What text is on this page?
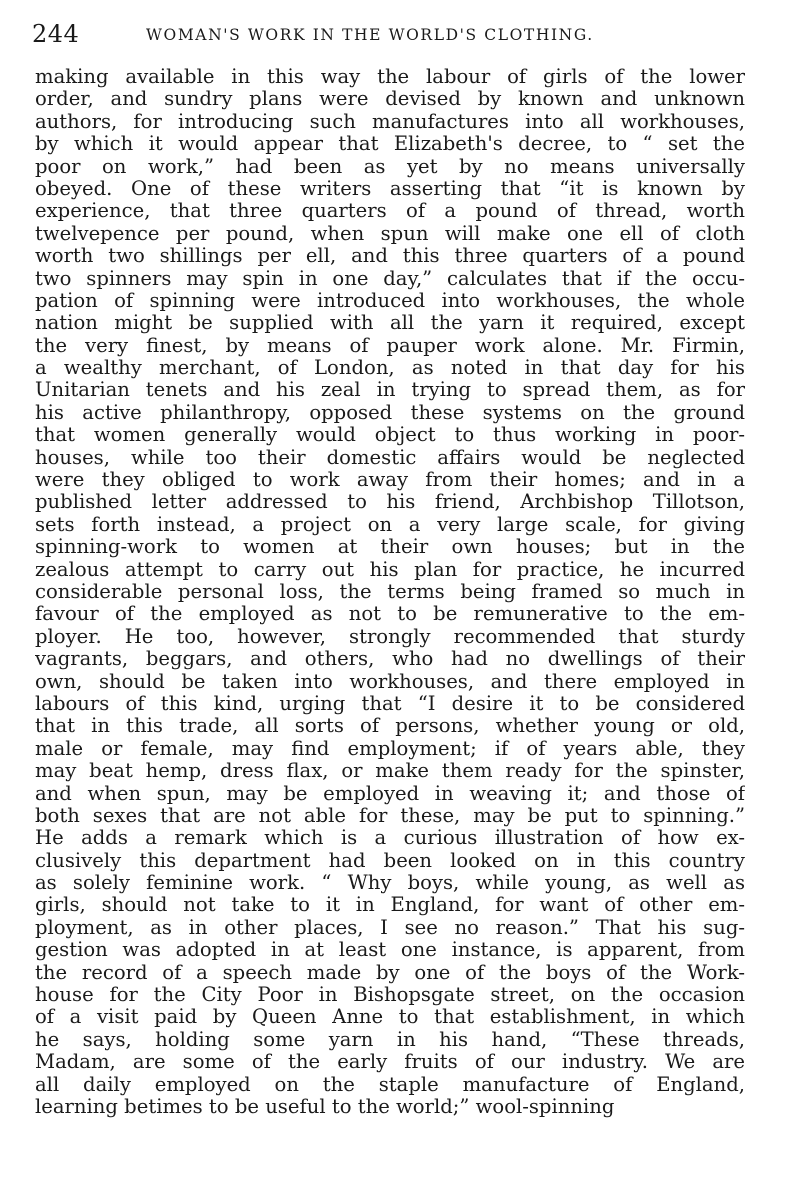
244	WOMAN'S WORK IN THE WORLD'S CLOTHING.
making available in this way the labour of girls of the lower
order, and sundry plans were devised by known and unknown
authors, for introducing such manufactures into all workhouses,
by which it would appear that Elizabeth's decree, to “ set the
poor on work,” had been as yet by no means universally
obeyed. One of these writers asserting that “it is known by
experience, that three quarters of a pound of thread, worth
twelvepence per pound, when spun will make one ell of cloth
worth two shillings per ell, and this three quarters of a pound
two spinners may spin in one day,” calculates that if the occu-
pation of spinning were introduced into workhouses, the whole
nation might be supplied with all the yarn it required, except
the very finest, by means of pauper work alone. Mr. Firmin,
a wealthy merchant, of London, as noted in that day for his
Unitarian tenets and his zeal in trying to spread them, as for
his active philanthropy, opposed these systems on the ground
that women generally would object to thus working in poor-
houses, while too their domestic affairs would be neglected
were they obliged to work away from their homes; and in a
published letter addressed to his friend, Archbishop Tillotson,
sets forth instead, a project on a very large scale, for giving
spinning-work to women at their own houses; but in the
zealous attempt to carry out his plan for practice, he incurred
considerable personal loss, the terms being framed so much in
favour of the employed as not to be remunerative to the em-
ployer. He too, however, strongly recommended that sturdy
vagrants, beggars, and others, who had no dwellings of their
own, should be taken into workhouses, and there employed in
labours of this kind, urging that “I desire it to be considered
that in this trade, all sorts of persons, whether young or old,
male or female, may find employment; if of years able, they
may beat hemp, dress flax, or make them ready for the spinster,
and when spun, may be employed in weaving it; and those of
both sexes that are not able for these, may be put to spinning.”
He adds a remark which is a curious illustration of how ex-
clusively this department had been looked on in this country
as solely feminine work. “ Why boys, while young, as well as
girls, should not take to it in England, for want of other em-
ployment, as in other places, I see no reason.” That his sug-
gestion was adopted in at least one instance, is apparent, from
the record of a speech made by one of the boys of the Work-
house for the City Poor in Bishopsgate street, on the occasion
of a visit paid by Queen Anne to that establishment, in which
he says, holding some yarn in his hand, “These threads,
Madam, are some of the early fruits of our industry. We are
all daily employed on the staple manufacture of England,
learning betimes to be useful to the world;” wool-spinning
